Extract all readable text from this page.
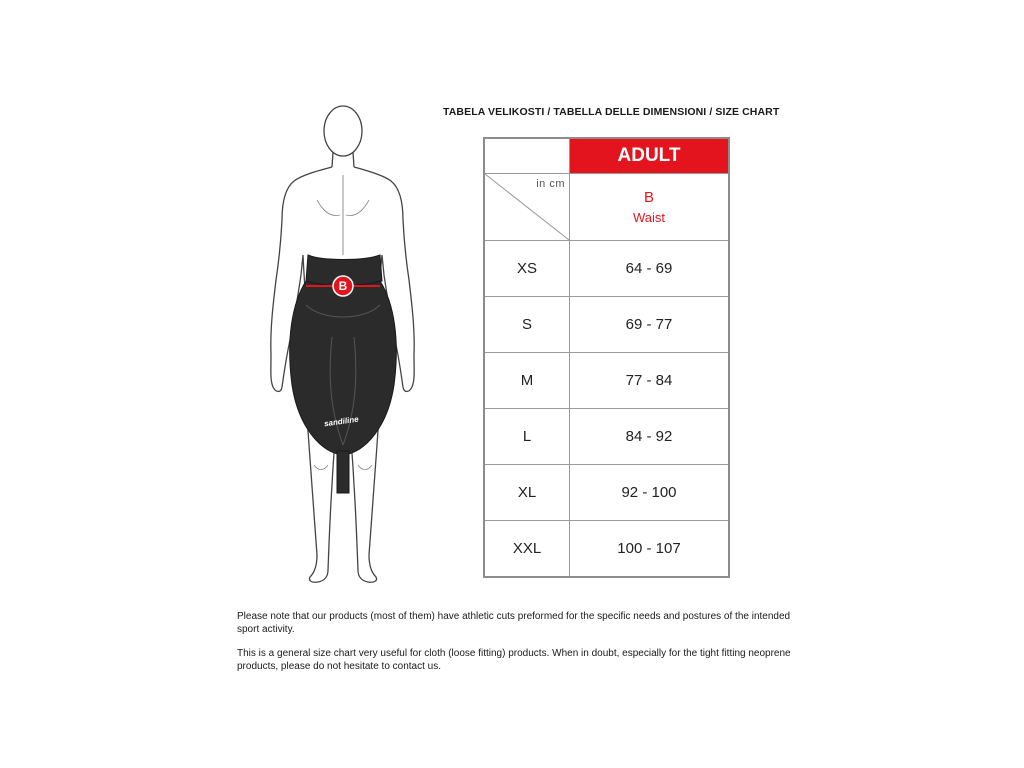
B
sandiline
TABELA VELIKOSTI / TABELLA DELLE DIMENSIONI / SIZE CHART
	ADULT

in cm	B
Waist

XS	64 - 69
S	69 - 77
M	77 - 84
L	84 - 92
XL	92 - 100
XXL	100 - 107

Please note that our products (most of them) have athletic cuts preformed for the specific needs and postures of the intended sport activity.

This is a general size chart very useful for cloth (loose fitting) products. When in doubt, especially for the tight fitting neoprene products, please do not hesitate to contact us.
